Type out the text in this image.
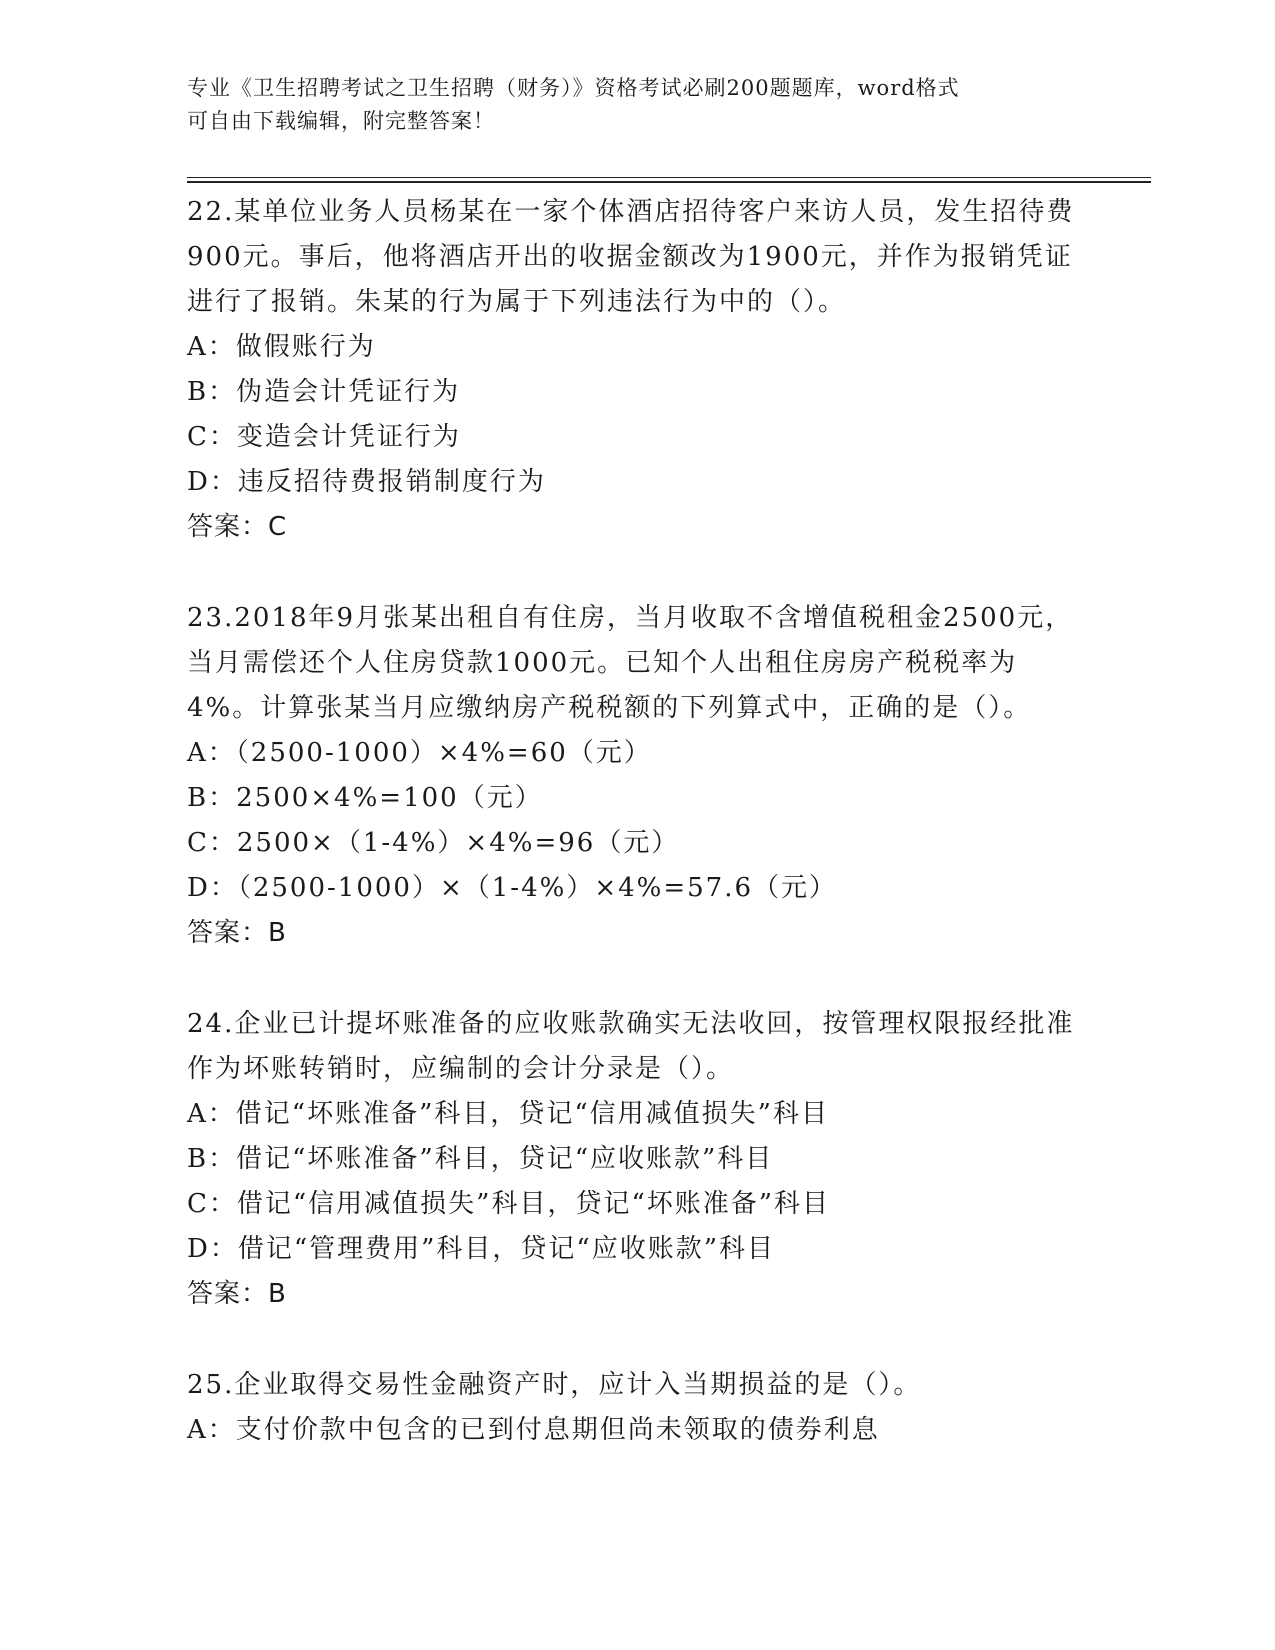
专业《卫生招聘考试之卫生招聘（财务）》资格考试必刷200题题库，word格式
可自由下载编辑，附完整答案！
22.某单位业务人员杨某在一家个体酒店招待客户来访人员，发生招待费900元。事后，他将酒店开出的收据金额改为1900元，并作为报销凭证进行了报销。朱某的行为属于下列违法行为中的（）。
A：做假账行为
B：伪造会计凭证行为
C：变造会计凭证行为
D：违反招待费报销制度行为
答案：C
23.2018年9月张某出租自有住房，当月收取不含增值税租金2500元，当月需偿还个人住房贷款1000元。已知个人出租住房房产税税率为4%。计算张某当月应缴纳房产税税额的下列算式中，正确的是（）。
A：（2500-1000）×4%=60（元）
B：2500×4%=100（元）
C：2500×（1-4%）×4%=96（元）
D：（2500-1000）×（1-4%）×4%=57.6（元）
答案：B
24.企业已计提坏账准备的应收账款确实无法收回，按管理权限报经批准作为坏账转销时，应编制的会计分录是（）。
A：借记“坏账准备”科目，贷记“信用减值损失”科目
B：借记“坏账准备”科目，贷记“应收账款”科目
C：借记“信用减值损失”科目，贷记“坏账准备”科目
D：借记“管理费用”科目，贷记“应收账款”科目
答案：B
25.企业取得交易性金融资产时，应计入当期损益的是（）。
A：支付价款中包含的已到付息期但尚未领取的债券利息
